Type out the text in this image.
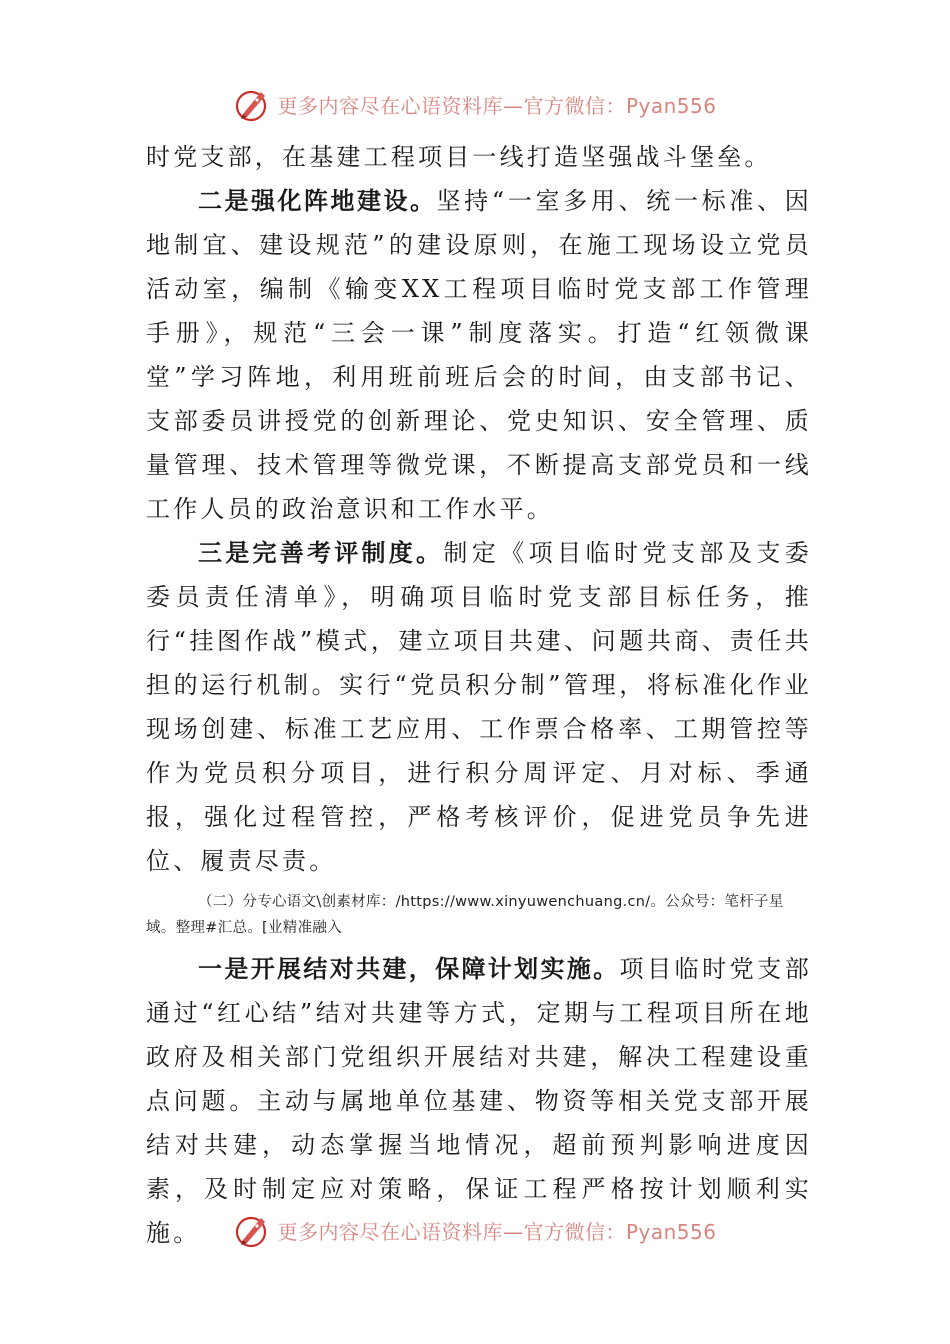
更多内容尽在心语资料库—官方微信：Pyan556

时党支部，在基建工程项目一线打造坚强战斗堡垒。

二是强化阵地建设。坚持“一室多用、统一标准、因地制宜、建设规范”的建设原则，在施工现场设立党员活动室，编制《输变XX工程项目临时党支部工作管理手册》，规范“三会一课”制度落实。打造“红领微课堂”学习阵地，利用班前班后会的时间，由支部书记、支部委员讲授党的创新理论、党史知识、安全管理、质量管理、技术管理等微党课，不断提高支部党员和一线工作人员的政治意识和工作水平。

三是完善考评制度。制定《项目临时党支部及支委委员责任清单》，明确项目临时党支部目标任务，推行“挂图作战”模式，建立项目共建、问题共商、责任共担的运行机制。实行“党员积分制”管理，将标准化作业现场创建、标准工艺应用、工作票合格率、工期管控等作为党员积分项目，进行积分周评定、月对标、季通报，强化过程管控，严格考核评价，促进党员争先进位、履责尽责。

（二）分专心语文\创素材库：/https://www.xinyuwenchuang.cn/。公众号：笔杆子星域。整理#汇总。[业精准融入

一是开展结对共建，保障计划实施。项目临时党支部通过“红心结”结对共建等方式，定期与工程项目所在地政府及相关部门党组织开展结对共建，解决工程建设重点问题。主动与属地单位基建、物资等相关党支部开展结对共建，动态掌握当地情况，超前预判影响进度因素，及时制定应对策略，保证工程严格按计划顺利实施。	更多内容尽在心语资料库—官方微信：Pyan556
